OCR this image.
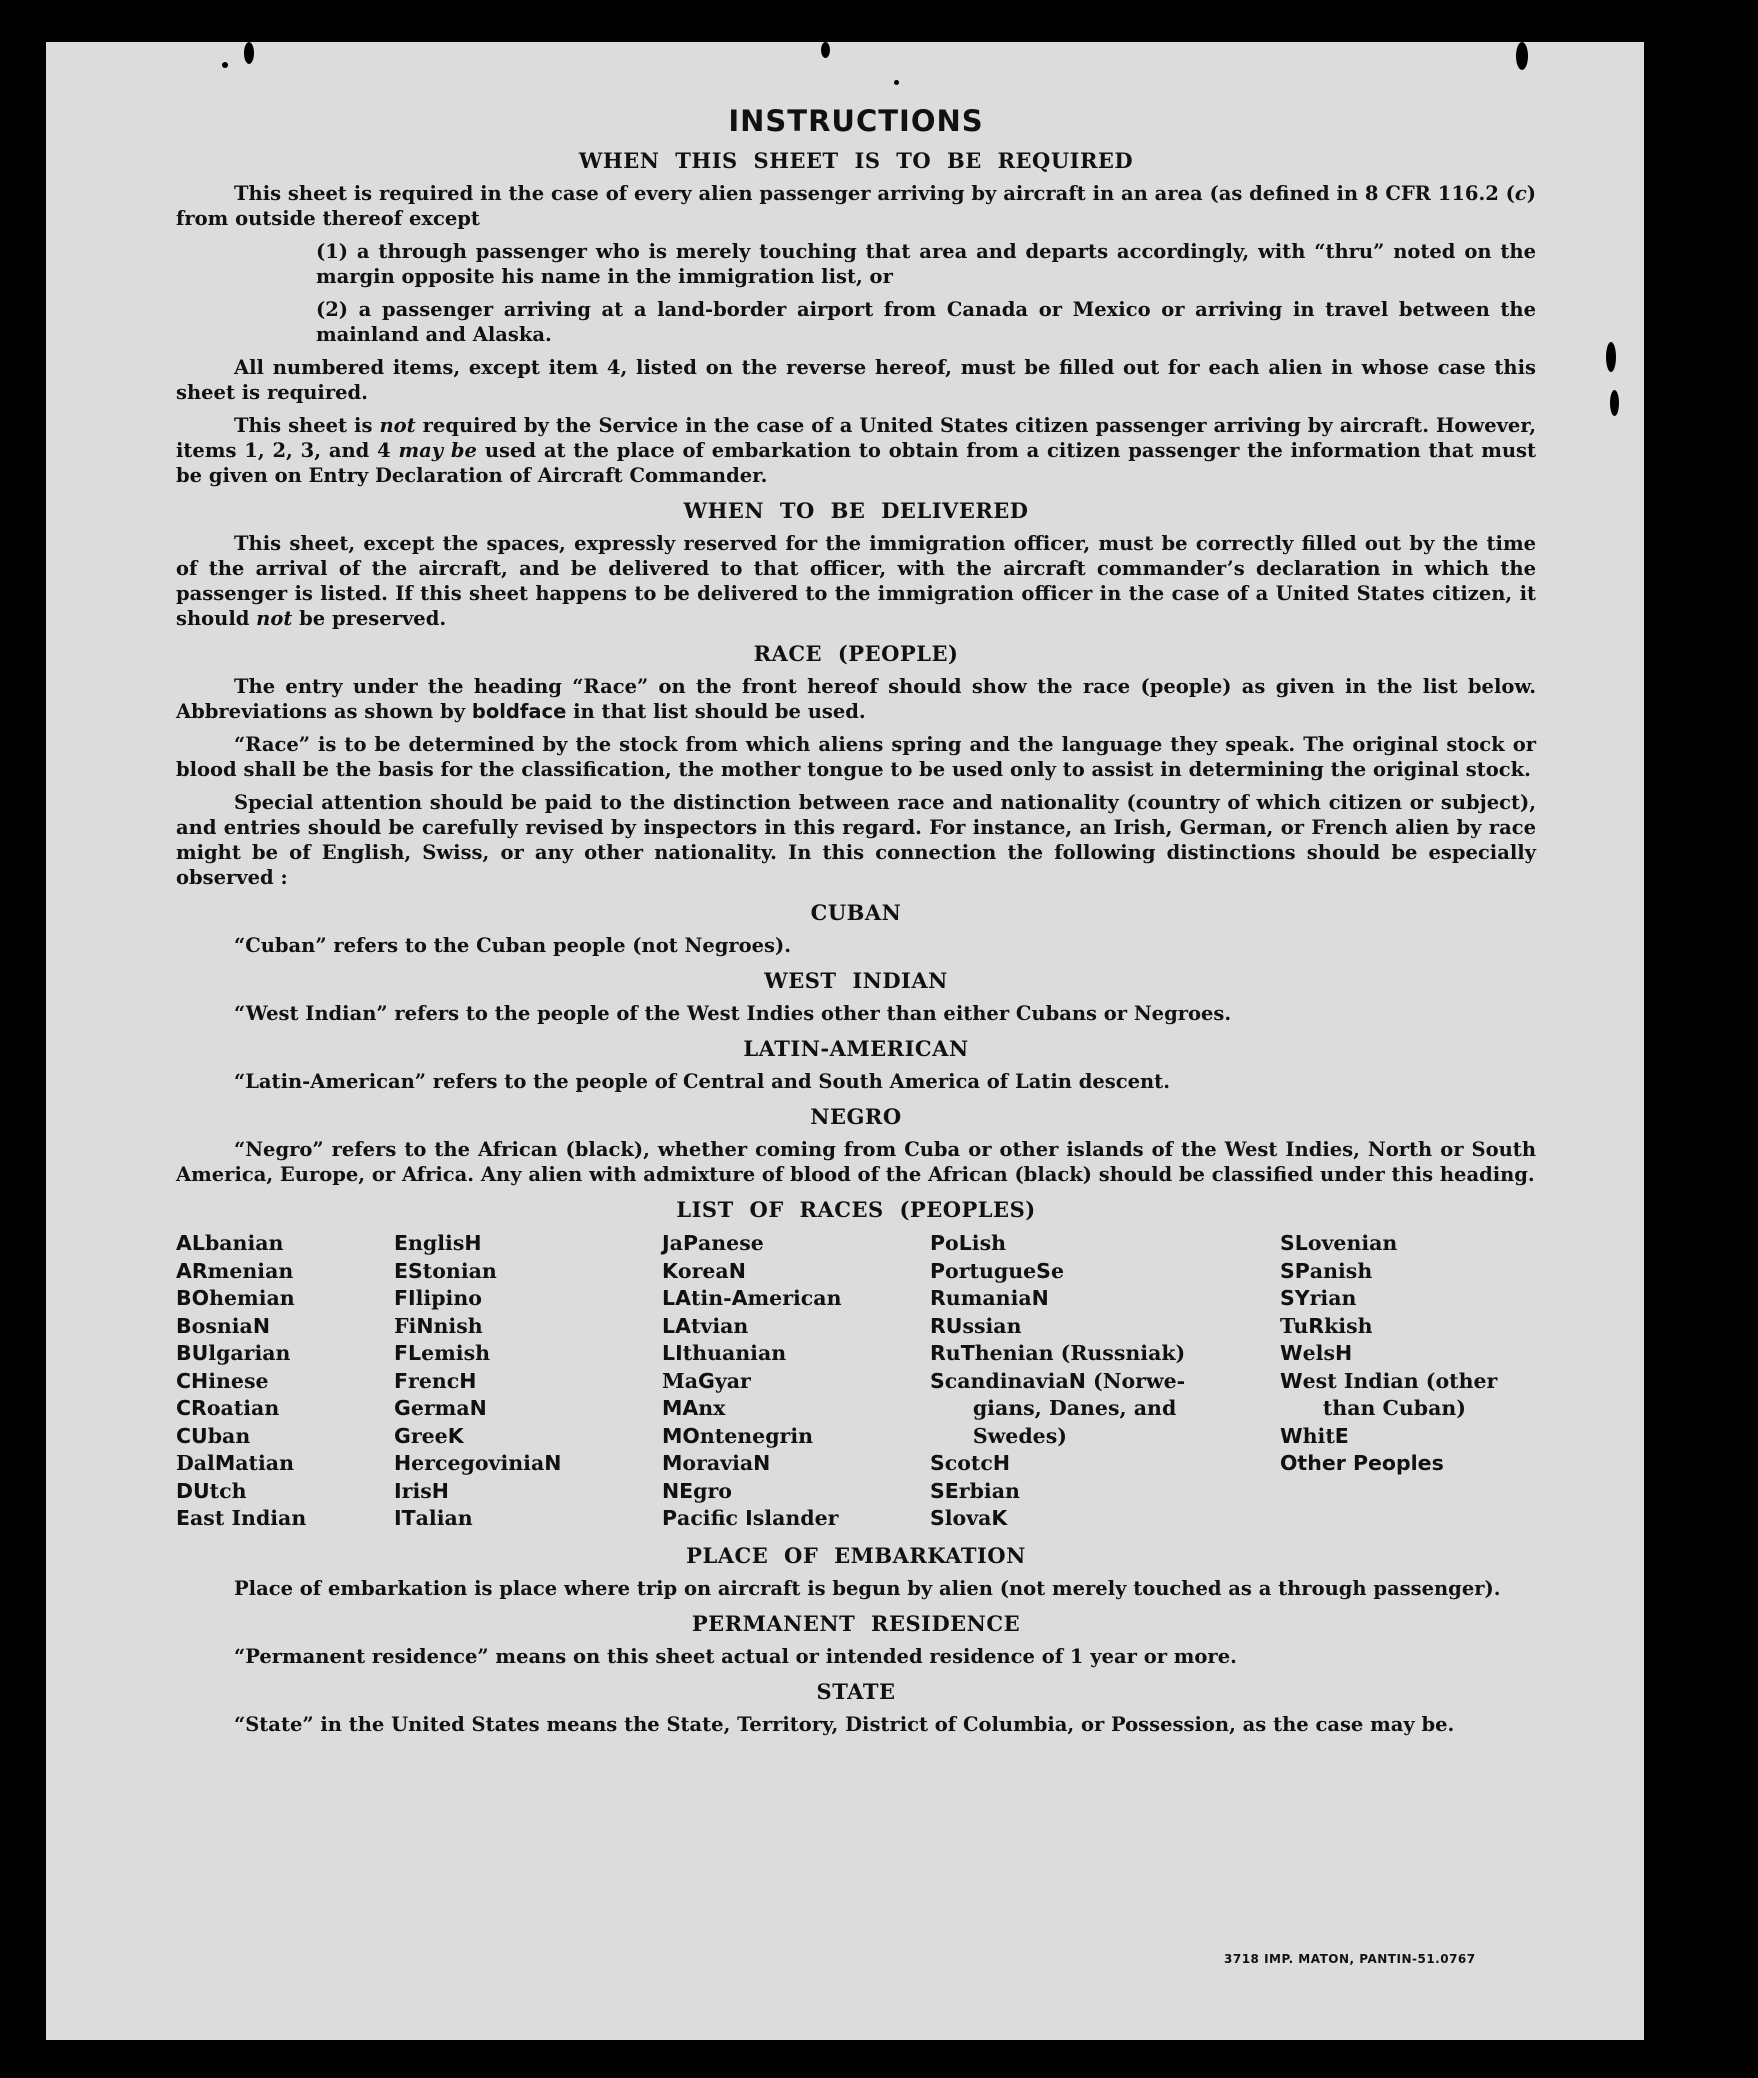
INSTRUCTIONS
WHEN THIS SHEET IS TO BE REQUIRED

This sheet is required in the case of every alien passenger arriving by aircraft in an area (as defined in 8 CFR 116.2 (c) from outside thereof except

(1) a through passenger who is merely touching that area and departs accordingly, with “thru” noted on the margin opposite his name in the immigration list, or

(2) a passenger arriving at a land-border airport from Canada or Mexico or arriving in travel between the mainland and Alaska.

All numbered items, except item 4, listed on the reverse hereof, must be filled out for each alien in whose case this sheet is required.

This sheet is not required by the Service in the case of a United States citizen passenger arriving by aircraft. However, items 1, 2, 3, and 4 may be used at the place of embarkation to obtain from a citizen passenger the information that must be given on Entry Declaration of Aircraft Commander.

WHEN TO BE DELIVERED

This sheet, except the spaces, expressly reserved for the immigration officer, must be correctly filled out by the time of the arrival of the aircraft, and be delivered to that officer, with the aircraft commander’s declaration in which the passenger is listed. If this sheet happens to be delivered to the immigration officer in the case of a United States citizen, it should not be preserved.

RACE (PEOPLE)

The entry under the heading “Race” on the front hereof should show the race (people) as given in the list below. Abbreviations as shown by boldface in that list should be used.

“Race” is to be determined by the stock from which aliens spring and the language they speak. The original stock or blood shall be the basis for the classification, the mother tongue to be used only to assist in determining the original stock.

Special attention should be paid to the distinction between race and nationality (country of which citizen or subject), and entries should be carefully revised by inspectors in this regard. For instance, an Irish, German, or French alien by race might be of English, Swiss, or any other nationality. In this connection the following distinctions should be especially observed :

CUBAN

“Cuban” refers to the Cuban people (not Negroes).

WEST INDIAN

“West Indian” refers to the people of the West Indies other than either Cubans or Negroes.

LATIN-AMERICAN

“Latin-American” refers to the people of Central and South America of Latin descent.

NEGRO

“Negro” refers to the African (black), whether coming from Cuba or other islands of the West Indies, North or South America, Europe, or Africa. Any alien with admixture of blood of the African (black) should be classified under this heading.

LIST OF RACES (PEOPLES)
ALbanian
ARmenian
BOhemian
BosniaN
BUlgarian
CHinese
CRoatian
CUban
DalMatian
DUtch
East Indian
EnglisH
EStonian
FIlipino
FiNnish
FLemish
FrencH
GermaN
GreeK
HercegoviniaN
IrisH
ITalian
JaPanese
KoreaN
LAtin-American
LAtvian
LIthuanian
MaGyar
MAnx
MOntenegrin
MoraviaN
NEgro
Pacific Islander
PoLish
PortugueSe
RumaniaN
RUssian
RuThenian (Russniak)
ScandinaviaN (Norwe-
gians, Danes, and
Swedes)
ScotcH
SErbian
SlovaK
SLovenian
SPanish
SYrian
TuRkish
WelsH
West Indian (other
than Cuban)
WhitE
Other Peoples
PLACE OF EMBARKATION

Place of embarkation is place where trip on aircraft is begun by alien (not merely touched as a through passenger).

PERMANENT RESIDENCE

“Permanent residence” means on this sheet actual or intended residence of 1 year or more.

STATE

“State” in the United States means the State, Territory, District of Columbia, or Possession, as the case may be.

3718 IMP. MATON, PANTIN-51.0767
